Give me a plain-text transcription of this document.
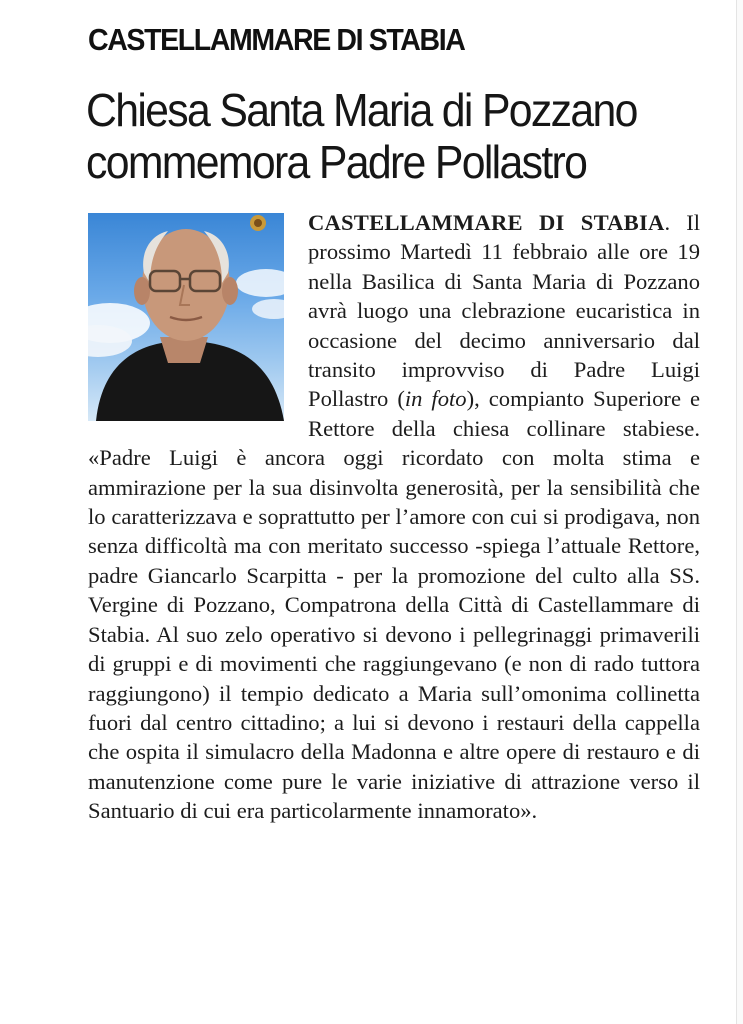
CASTELLAMMARE DI STABIA
Chiesa Santa Maria di Pozzano
commemora Padre Pollastro
CASTELLAMMARE DI STABIA. Il prossimo Martedì 11 febbraio alle ore 19 nella Basilica di Santa Maria di Pozzano avrà luogo una clebrazione eucaristica in occasione del decimo anniversario dal transito improvviso di Padre Luigi Pollastro (in foto), compianto Superiore e Rettore della chiesa collinare stabiese. «Padre Luigi è ancora oggi ricordato con molta stima e ammirazione per la sua disinvolta generosità, per la sensibilità che lo caratterizzava e soprattutto per l’amore con cui si prodigava, non senza difficoltà ma con meritato successo -spiega l’attuale Rettore, padre Giancarlo Scarpitta - per la promozione del culto alla SS. Vergine di Pozzano, Compatrona della Città di Castellammare di Stabia. Al suo zelo operativo si devono i pellegrinaggi primaverili di gruppi e di movimenti che raggiungevano (e non di rado tuttora raggiungono) il tempio dedicato a Maria sull’omonima collinetta fuori dal centro cittadino; a lui si devono i restauri della cappella che ospita il simulacro della Madonna e altre opere di restauro e di manutenzione come pure le varie iniziative di attrazione verso il Santuario di cui era particolarmente innamorato».
